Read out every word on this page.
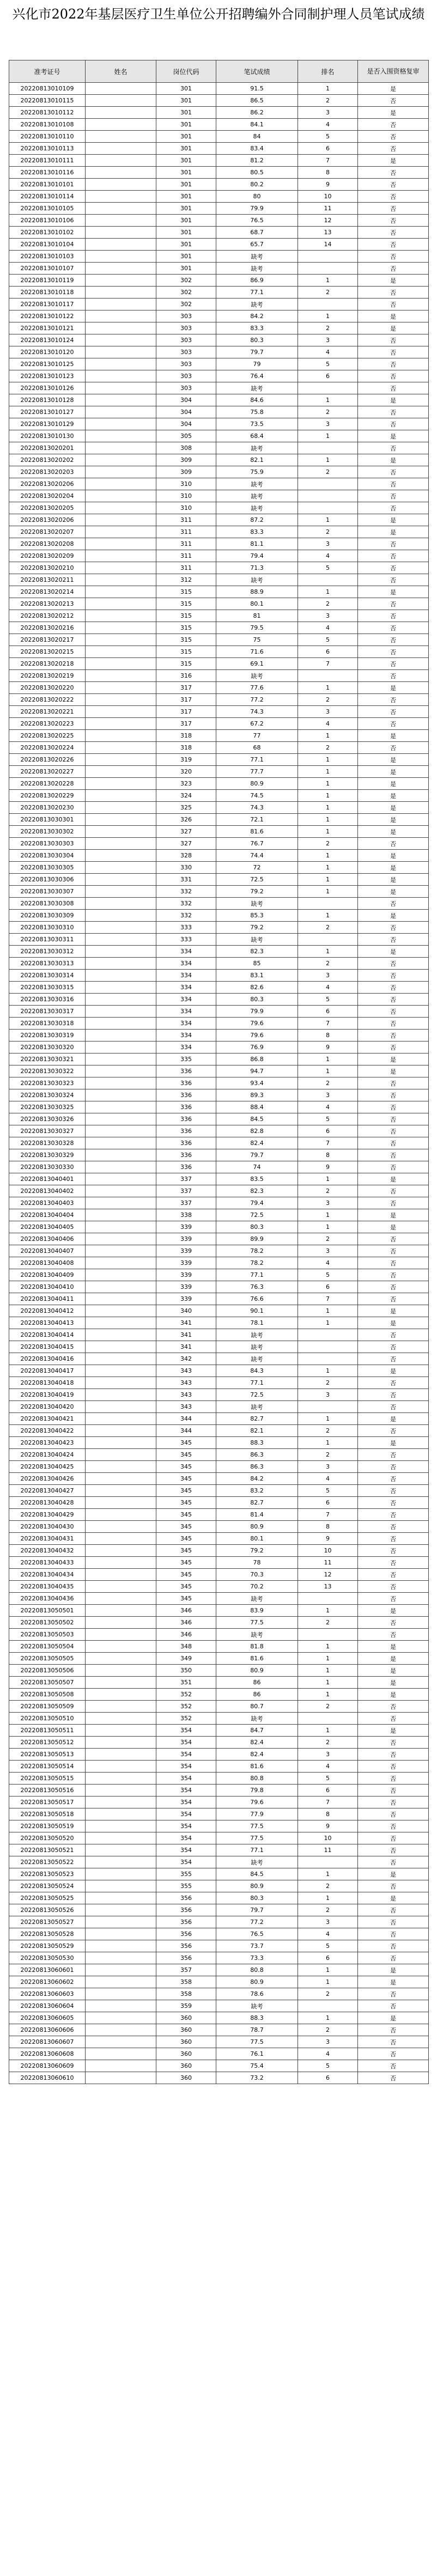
兴化市2022年基层医疗卫生单位公开招聘编外合同制护理人员笔试成绩
准考证号	姓名	岗位代码	笔试成绩	排名	是否入围资格复审
20220813010109		301	91.5	1	是
20220813010115		301	86.5	2	否
20220813010112		301	86.2	3	是
20220813010108		301	84.1	4	否
20220813010110		301	84	5	否
20220813010113		301	83.4	6	否
20220813010111		301	81.2	7	是
20220813010116		301	80.5	8	否
20220813010101		301	80.2	9	否
20220813010114		301	80	10	否
20220813010105		301	79.9	11	否
20220813010106		301	76.5	12	否
20220813010102		301	68.7	13	否
20220813010104		301	65.7	14	否
20220813010103		301	缺考		否
20220813010107		301	缺考		否
20220813010119		302	86.9	1	是
20220813010118		302	77.1	2	否
20220813010117		302	缺考		否
20220813010122		303	84.2	1	是
20220813010121		303	83.3	2	是
20220813010124		303	80.3	3	否
20220813010120		303	79.7	4	否
20220813010125		303	79	5	否
20220813010123		303	76.4	6	否
20220813010126		303	缺考		否
20220813010128		304	84.6	1	是
20220813010127		304	75.8	2	否
20220813010129		304	73.5	3	否
20220813010130		305	68.4	1	是
20220813020201		308	缺考		否
20220813020202		309	82.1	1	是
20220813020203		309	75.9	2	否
20220813020206		310	缺考		否
20220813020204		310	缺考		否
20220813020205		310	缺考		否
20220813020206		311	87.2	1	是
20220813020207		311	83.3	2	是
20220813020208		311	81.1	3	否
20220813020209		311	79.4	4	否
20220813020210		311	71.3	5	否
20220813020211		312	缺考		否
20220813020214		315	88.9	1	是
20220813020213		315	80.1	2	否
20220813020212		315	81	3	否
20220813020216		315	79.5	4	否
20220813020217		315	75	5	否
20220813020215		315	71.6	6	否
20220813020218		315	69.1	7	否
20220813020219		316	缺考		否
20220813020220		317	77.6	1	是
20220813020222		317	77.2	2	否
20220813020221		317	74.3	3	否
20220813020223		317	67.2	4	否
20220813020225		318	77	1	是
20220813020224		318	68	2	否
20220813020226		319	77.1	1	是
20220813020227		320	77.7	1	是
20220813020228		323	80.9	1	是
20220813020229		324	74.5	1	是
20220813020230		325	74.3	1	是
20220813030301		326	72.1	1	是
20220813030302		327	81.6	1	是
20220813030303		327	76.7	2	否
20220813030304		328	74.4	1	是
20220813030305		330	72	1	是
20220813030306		331	72.5	1	是
20220813030307		332	79.2	1	是
20220813030308		332	缺考		否
20220813030309		332	85.3	1	是
20220813030310		333	79.2	2	否
20220813030311		333	缺考		否
20220813030312		334	82.3	1	是
20220813030313		334	85	2	否
20220813030314		334	83.1	3	否
20220813030315		334	82.6	4	否
20220813030316		334	80.3	5	否
20220813030317		334	79.9	6	否
20220813030318		334	79.6	7	否
20220813030319		334	79.6	8	否
20220813030320		334	76.9	9	否
20220813030321		335	86.8	1	是
20220813030322		336	94.7	1	是
20220813030323		336	93.4	2	否
20220813030324		336	89.3	3	否
20220813030325		336	88.4	4	否
20220813030326		336	84.5	5	否
20220813030327		336	82.8	6	否
20220813030328		336	82.4	7	否
20220813030329		336	79.7	8	否
20220813030330		336	74	9	否
20220813040401		337	83.5	1	是
20220813040402		337	82.3	2	否
20220813040403		337	79.4	3	否
20220813040404		338	72.5	1	是
20220813040405		339	80.3	1	是
20220813040406		339	89.9	2	否
20220813040407		339	78.2	3	否
20220813040408		339	78.2	4	否
20220813040409		339	77.1	5	否
20220813040410		339	76.3	6	否
20220813040411		339	76.6	7	否
20220813040412		340	90.1	1	是
20220813040413		341	78.1	1	是
20220813040414		341	缺考		否
20220813040415		341	缺考		否
20220813040416		342	缺考		否
20220813040417		343	84.3	1	是
20220813040418		343	77.1	2	否
20220813040419		343	72.5	3	否
20220813040420		343	缺考		否
20220813040421		344	82.7	1	是
20220813040422		344	82.1	2	否
20220813040423		345	88.3	1	是
20220813040424		345	86.3	2	否
20220813040425		345	86.3	3	否
20220813040426		345	84.2	4	否
20220813040427		345	83.2	5	否
20220813040428		345	82.7	6	否
20220813040429		345	81.4	7	否
20220813040430		345	80.9	8	否
20220813040431		345	80.1	9	否
20220813040432		345	79.2	10	否
20220813040433		345	78	11	否
20220813040434		345	70.3	12	否
20220813040435		345	70.2	13	否
20220813040436		345	缺考		否
20220813050501		346	83.9	1	是
20220813050502		346	77.5	2	否
20220813050503		346	缺考		否
20220813050504		348	81.8	1	是
20220813050505		349	81.6	1	是
20220813050506		350	80.9	1	是
20220813050507		351	86	1	是
20220813050508		352	86	1	是
20220813050509		352	80.7	2	否
20220813050510		352	缺考		否
20220813050511		354	84.7	1	是
20220813050512		354	82.4	2	否
20220813050513		354	82.4	3	否
20220813050514		354	81.6	4	否
20220813050515		354	80.8	5	否
20220813050516		354	79.8	6	否
20220813050517		354	79.6	7	否
20220813050518		354	77.9	8	否
20220813050519		354	77.5	9	否
20220813050520		354	77.5	10	否
20220813050521		354	77.1	11	否
20220813050522		354	缺考		否
20220813050523		355	84.5	1	是
20220813050524		355	80.9	2	否
20220813050525		356	80.3	1	是
20220813050526		356	79.7	2	否
20220813050527		356	77.2	3	否
20220813050528		356	76.5	4	否
20220813050529		356	73.7	5	否
20220813050530		356	73.3	6	否
20220813060601		357	80.8	1	是
20220813060602		358	80.9	1	是
20220813060603		358	78.6	2	否
20220813060604		359	缺考		否
20220813060605		360	88.3	1	是
20220813060606		360	78.7	2	否
20220813060607		360	77.5	3	否
20220813060608		360	76.1	4	否
20220813060609		360	75.4	5	否
20220813060610		360	73.2	6	否
